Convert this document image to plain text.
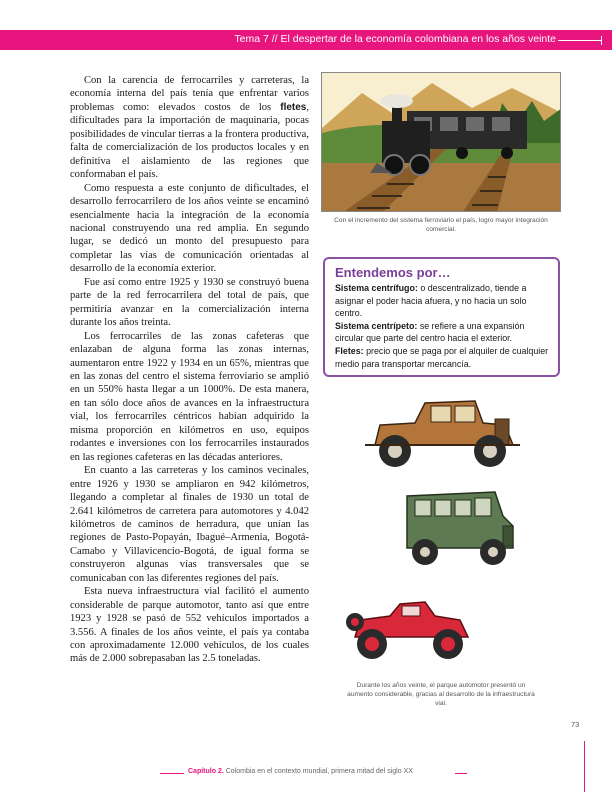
Tema 7 // El despertar de la economía colombiana en los años veinte

Con la carencia de ferrocarriles y carreteras, la economía interna del país tenía que enfrentar varios problemas como: elevados costos de los fletes, dificultades para la importación de maquinaria, pocas posibilidades de vincular tierras a la frontera productiva, falta de comercialización de los productos locales y en definitiva el aislamiento de las regiones que conformaban el país.

Como respuesta a este conjunto de dificultades, el desarrollo ferrocarrilero de los años veinte se encaminó esencialmente hacia la integración de la economía nacional construyendo una red amplia. En segundo lugar, se dedicó un monto del presupuesto para completar las vías de comunicación orientadas al desarrollo de la economía exterior.

Fue así como entre 1925 y 1930 se construyó buena parte de la red ferrocarrilera del total de país, que permitiría avanzar en la comercialización interna durante los años treinta.

Los ferrocarriles de las zonas cafeteras que enlazaban de alguna forma las zonas internas, aumentaron entre 1922 y 1934 en un 65%, mientras que en las zonas del centro el sistema ferroviario se amplió en un 550% hasta llegar a un 1000%. De esta manera, en tan sólo doce años de avances en la infraestructura vial, los ferrocarriles céntricos habían adquirido la misma proporción en kilómetros en uso, equipos rodantes e inversiones con los ferrocarriles instaurados en las regiones cafeteras en las décadas anteriores.

En cuanto a las carreteras y los caminos vecinales, entre 1926 y 1930 se ampliaron en 942 kilómetros, llegando a completar al finales de 1930 un total de 2.641 kilómetros de carretera para automotores y 4.042 kilómetros de caminos de herradura, que unían las regiones de Pasto-Popayán, Ibagué–Armenia, Bogotá-Camabo y Villavicencio-Bogotá, de igual forma se construyeron algunas vías transversales que se comunicaban con las diferentes regiones del país.

Esta nueva infraestructura vial facilitó el aumento considerable de parque automotor, tanto así que entre 1923 y 1928 se pasó de 552 vehículos importados a 3.556. A finales de los años veinte, el país ya contaba con aproximadamente 12.000 vehículos, de los cuales más de 2.000 sobrepasaban las 2.5 toneladas.

Con el incremento del sistema ferroviario el país, logro mayor integración comercial.
Entendemos por…

Sistema centrífugo: o descentralizado, tiende a asignar el poder hacia afuera, y no hacia un solo centro.

Sistema centrípeto: se refiere a una expansión circular que parte del centro hacia el exterior.

Fletes: precio que se paga por el alquiler de cualquier medio para transportar mercancía.

Durante los años veinte, el parque automotor presentó un aumento considerable, gracias al desarrollo de la infraestructura vial.
73
Capítulo 2. Colombia en el contexto mundial, primera mitad del siglo XX
